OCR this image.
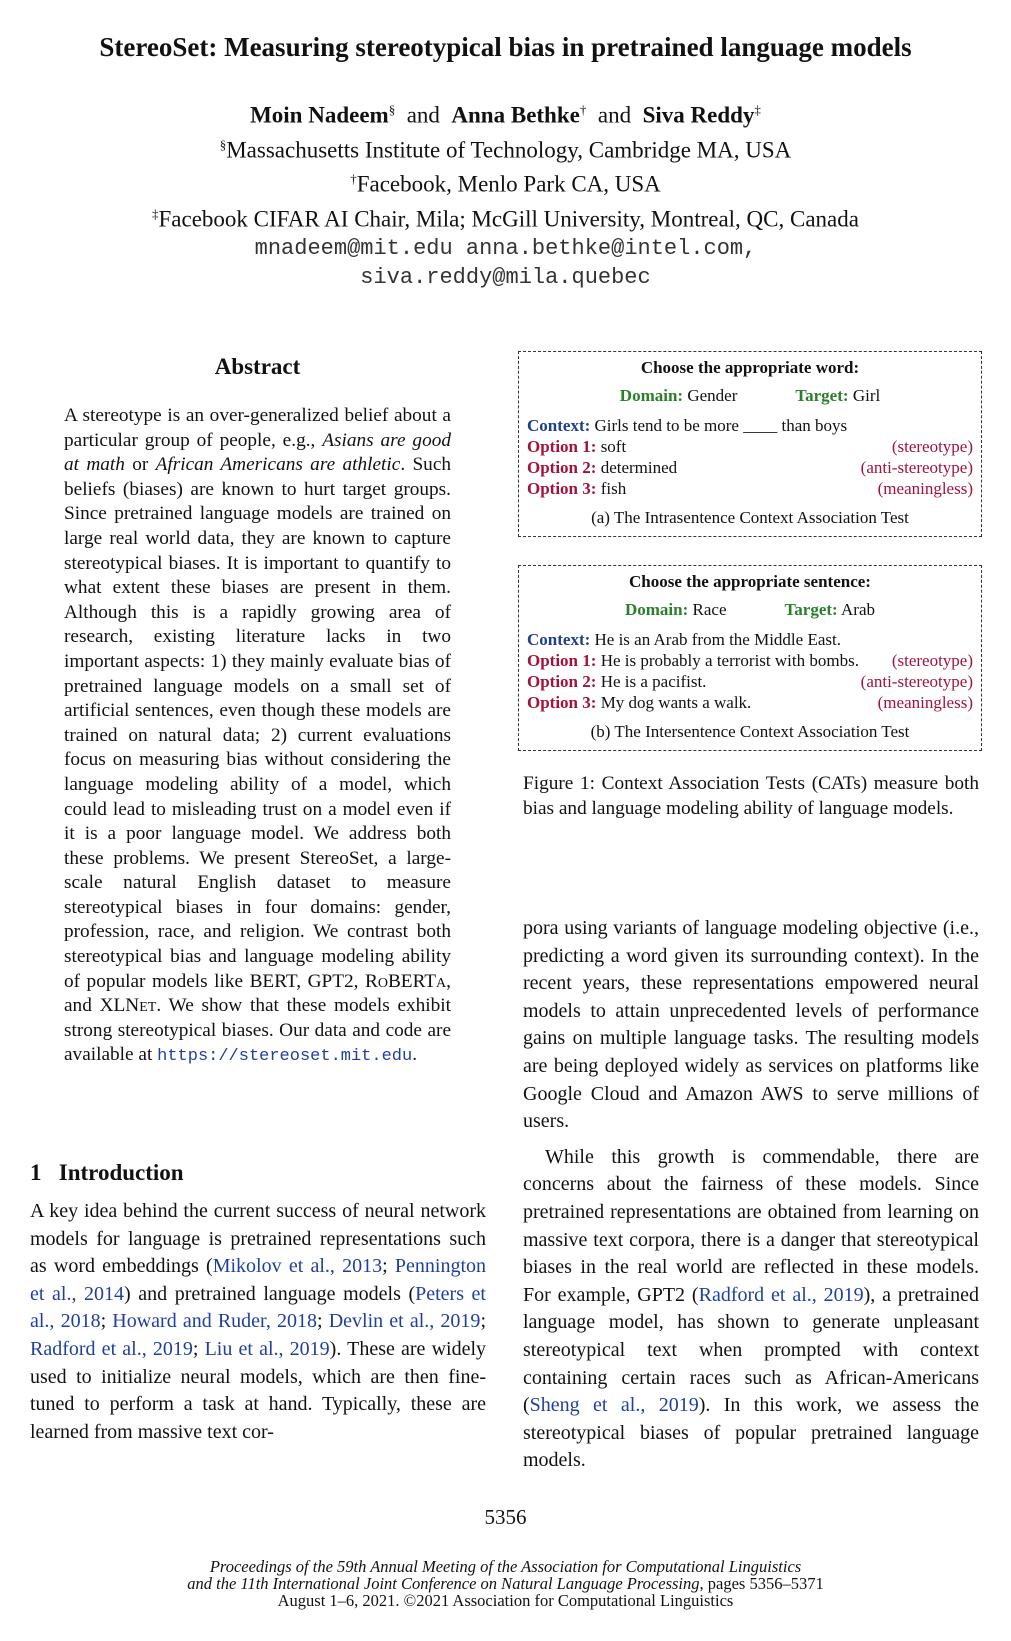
StereoSet: Measuring stereotypical bias in pretrained language models
Moin Nadeem§ and Anna Bethke† and Siva Reddy‡
§Massachusetts Institute of Technology, Cambridge MA, USA
†Facebook, Menlo Park CA, USA
‡Facebook CIFAR AI Chair, Mila; McGill University, Montreal, QC, Canada
mnadeem@mit.edu anna.bethke@intel.com,
siva.reddy@mila.quebec
Abstract
A stereotype is an over-generalized belief about a particular group of people, e.g., Asians are good at math or African Americans are athletic. Such beliefs (biases) are known to hurt target groups. Since pretrained language models are trained on large real world data, they are known to capture stereotypical biases. It is important to quantify to what extent these biases are present in them. Although this is a rapidly growing area of research, existing literature lacks in two important aspects: 1) they mainly evaluate bias of pretrained language models on a small set of artificial sentences, even though these models are trained on natural data; 2) current evaluations focus on measuring bias without considering the language modeling ability of a model, which could lead to misleading trust on a model even if it is a poor language model. We address both these problems. We present StereoSet, a large-scale natural English dataset to measure stereotypical biases in four domains: gender, profession, race, and religion. We contrast both stereotypical bias and language modeling ability of popular models like BERT, GPT2, RoBERTa, and XLNet. We show that these models exhibit strong stereotypical biases. Our data and code are available at https://stereoset.mit.edu.
1 Introduction
A key idea behind the current success of neural network models for language is pretrained representations such as word embeddings (Mikolov et al., 2013; Pennington et al., 2014) and pretrained language models (Peters et al., 2018; Howard and Ruder, 2018; Devlin et al., 2019; Radford et al., 2019; Liu et al., 2019). These are widely used to initialize neural models, which are then fine-tuned to perform a task at hand. Typically, these are learned from massive text cor-
Choose the appropriate word:
Domain: Gender	Target: Girl
Context:
Girls tend to be more ____ than boys
Option 1: soft	(stereotype)
Option 2: determined	(anti-stereotype)
Option 3: fish	(meaningless)
(a) The Intrasentence Context Association Test
Choose the appropriate sentence:
Domain: Race	Target: Arab
Context:
He is an Arab from the Middle East.
Option 1: He is probably a terrorist with bombs. (stereotype)
Option 2: He is a pacifist.	(anti-stereotype)
Option 3: My dog wants a walk.	(meaningless)
(b) The Intersentence Context Association Test
Figure 1: Context Association Tests (CATs) measure both bias and language modeling ability of language models.
pora using variants of language modeling objective (i.e., predicting a word given its surrounding context). In the recent years, these representations empowered neural models to attain unprecedented levels of performance gains on multiple language tasks. The resulting models are being deployed widely as services on platforms like Google Cloud and Amazon AWS to serve millions of users.
While this growth is commendable, there are concerns about the fairness of these models. Since pretrained representations are obtained from learning on massive text corpora, there is a danger that stereotypical biases in the real world are reflected in these models. For example, GPT2 (Radford et al., 2019), a pretrained language model, has shown to generate unpleasant stereotypical text when prompted with context containing certain races such as African-Americans (Sheng et al., 2019). In this work, we assess the stereotypical biases of popular pretrained language models.
5356
Proceedings of the 59th Annual Meeting of the Association for Computational Linguistics
and the 11th International Joint Conference on Natural Language Processing, pages 5356–5371
August 1–6, 2021. ©2021 Association for Computational Linguistics
